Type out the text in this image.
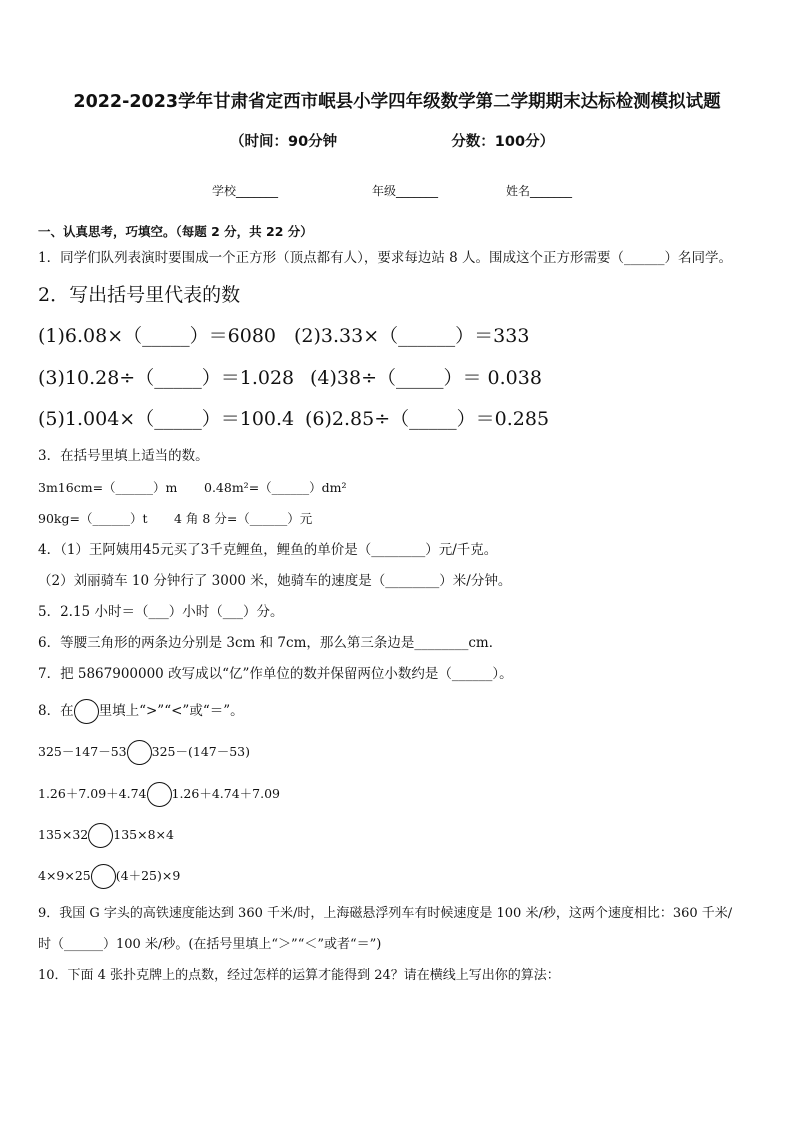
2022-2023学年甘肃省定西市岷县小学四年级数学第二学期期末达标检测模拟试题
（时间：90分钟	分数：100分）
学校_______	年级_______	姓名_______
一、认真思考，巧填空。（每题 2 分，共 22 分）
1．同学们队列表演时要围成一个正方形（顶点都有人），要求每边站 8 人。围成这个正方形需要（______）名同学。
2．写出括号里代表的数
(1)6.08×（_____）＝6080 (2)3.33×（______）＝333
(3)10.28÷（_____）＝1.028 (4)38÷（_____）＝ 0.038
(5)1.004×（_____）＝100.4 (6)2.85÷（_____）＝0.285
3．在括号里填上适当的数。
3m16cm=（______）m 0.48m²=（______）dm²
90kg=（______）t 4 角 8 分=（______）元
4．（1）王阿姨用45元买了3千克鲤鱼，鲤鱼的单价是（________）元/千克。
（2）刘丽骑车 10 分钟行了 3000 米，她骑车的速度是（________）米/分钟。
5．2.15 小时＝（___）小时（___）分。
6．等腰三角形的两条边分别是 3cm 和 7cm，那么第三条边是________cm．
7．把 5867900000 改写成以“亿”作单位的数并保留两位小数约是（______）。
8．在 里填上“>”“<”或“＝”。
325－147－53 325－(147－53)
1.26＋7.09＋4.74 1.26＋4.74＋7.09
135×32 135×8×4
4×9×25 (4＋25)×9
9．我国 G 字头的高铁速度能达到 360 千米/时，上海磁悬浮列车有时候速度是 100 米/秒，这两个速度相比：360 千米/
时（______）100 米/秒。(在括号里填上“＞”“＜”或者“＝”)
10．下面 4 张扑克牌上的点数，经过怎样的运算才能得到 24？请在横线上写出你的算法：
